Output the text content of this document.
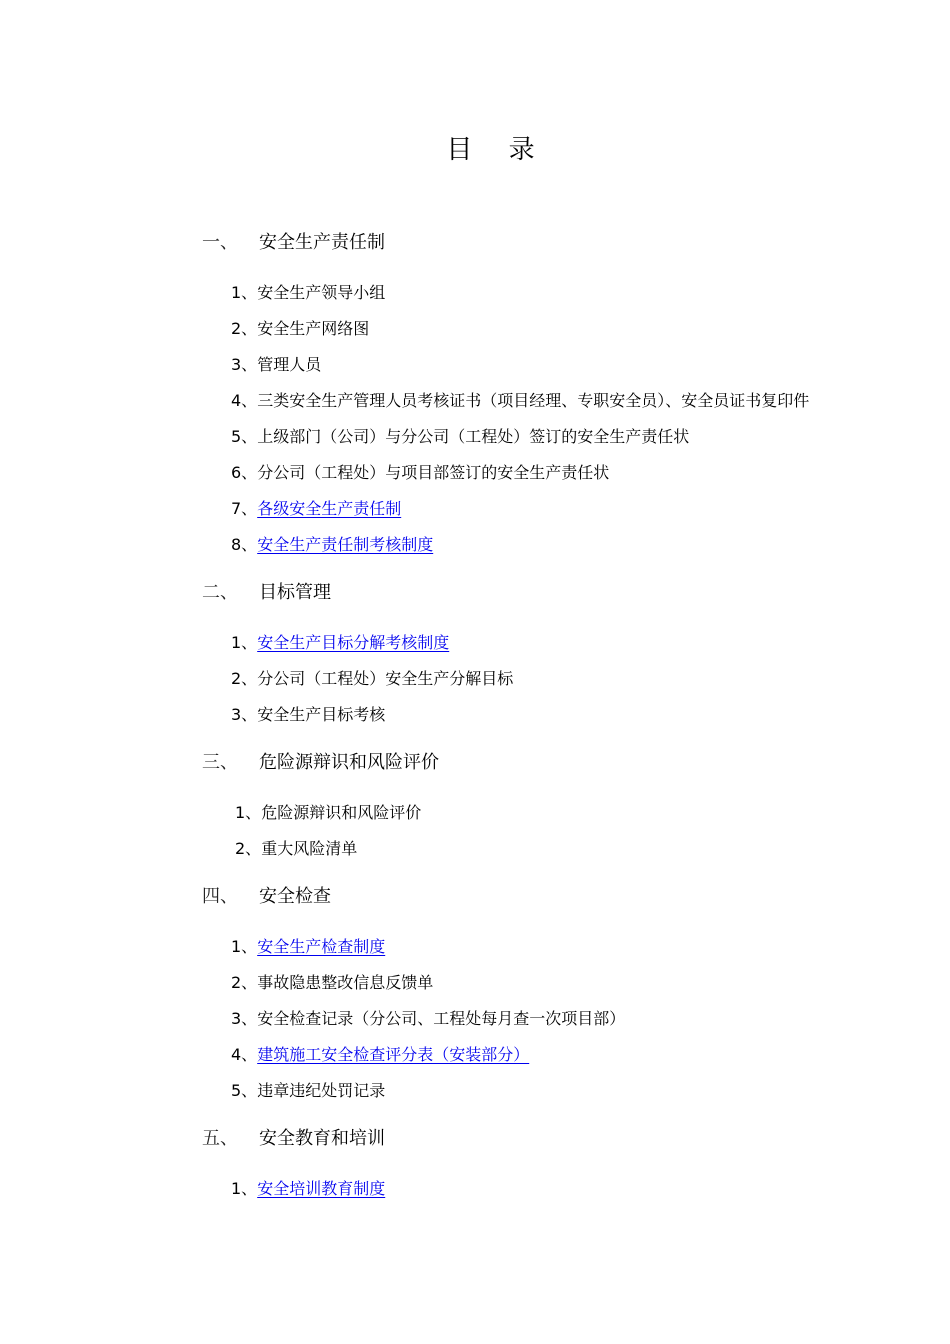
目 录
一、 安全生产责任制
1、安全生产领导小组
2、安全生产网络图
3、管理人员
4、三类安全生产管理人员考核证书（项目经理、专职安全员）、安全员证书复印件
5、上级部门（公司）与分公司（工程处）签订的安全生产责任状
6、分公司（工程处）与项目部签订的安全生产责任状
7、各级安全生产责任制
8、安全生产责任制考核制度
二、 目标管理
1、安全生产目标分解考核制度
2、分公司（工程处）安全生产分解目标
3、安全生产目标考核
三、 危险源辩识和风险评价
1、危险源辩识和风险评价
2、重大风险清单
四、 安全检查
1、安全生产检查制度
2、事故隐患整改信息反馈单
3、安全检查记录（分公司、工程处每月查一次项目部）
4、建筑施工安全检查评分表（安装部分）
5、违章违纪处罚记录
五、 安全教育和培训
1、安全培训教育制度
